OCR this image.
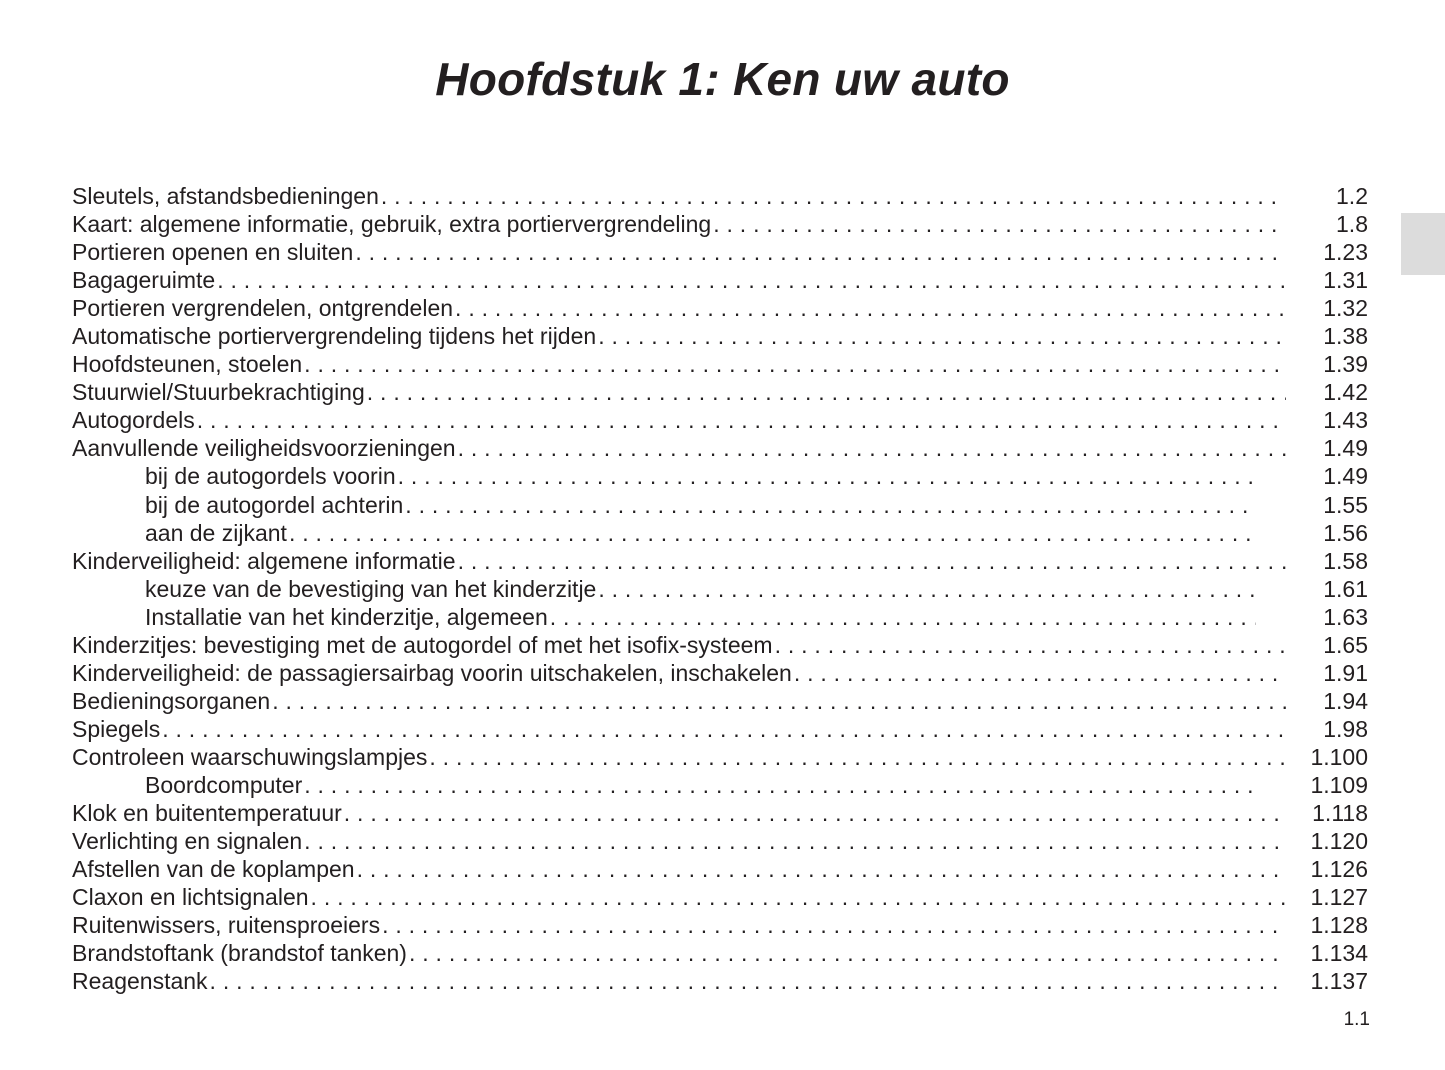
Hoofdstuk 1: Ken uw auto
Sleutels, afstandsbedieningen . . .	1.2
Kaart: algemene informatie, gebruik, extra portiervergrendeling . . .	1.8
Portieren openen en sluiten . . .	1.23
Bagageruimte . . .	1.31
Portieren vergrendelen, ontgrendelen . . .	1.32
Automatische portiervergrendeling tijdens het rijden . . .	1.38
Hoofdsteunen, stoelen . . .	1.39
Stuurwiel/Stuurbekrachtiging . . .	1.42
Autogordels . . .	1.43
Aanvullende veiligheidsvoorzieningen . . .	1.49
bij de autogordels voorin . . .	1.49
bij de autogordel achterin . . .	1.55
aan de zijkant . . .	1.56
Kinderveiligheid: algemene informatie . . .	1.58
keuze van de bevestiging van het kinderzitje . . .	1.61
Installatie van het kinderzitje, algemeen . . .	1.63
Kinderzitjes: bevestiging met de autogordel of met het isofix-systeem . . .	1.65
Kinderveiligheid: de passagiersairbag voorin uitschakelen, inschakelen . . .	1.91
Bedieningsorganen . . .	1.94
Spiegels . . .	1.98
Controleen waarschuwingslampjes . . .	1.100
Boordcomputer . . .	1.109
Klok en buitentemperatuur . . .	1.118
Verlichting en signalen . . .	1.120
Afstellen van de koplampen . . .	1.126
Claxon en lichtsignalen . . .	1.127
Ruitenwissers, ruitensproeiers . . .	1.128
Brandstoftank (brandstof tanken) . . .	1.134
Reagenstank . . .	1.137
1.1
